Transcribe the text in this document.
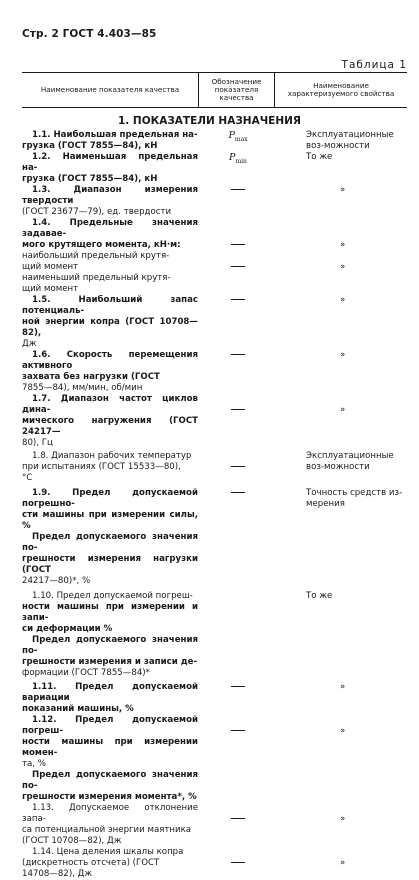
Стр. 2 ГОСТ 4.403—85
Таблица 1
Наименование показателя качества
Обозначение показателя качества
Наименование характеризуемого свойства
1. ПОКАЗАТЕЛИ НАЗНАЧЕНИЯ
1.1. Наибольшая предельная на-
грузка (ГОСТ 7855—84), кН
$P_{max}$	Эксплуатационные воз-можности
1.2. Наименьшая предельная на-
грузка (ГОСТ 7855—84), кН
$P_{min}$	То же
1.3. Диапазон измерения твердости
(ГОСТ 23677—79), ед. твердости
»
1.4. Предельные значения задавае-
мого крутящего момента, кН·м:
наибольший предельный крутя-
щий момент
наименьший предельный крутя-
щий момент
»
»
1.5. Наибольший запас потенциаль-
ной энергии копра (ГОСТ 10708—82),
Дж
»
1.6. Скорость перемещения активного
захвата без нагрузки (ГОСТ
7855—84), мм/мин, об/мин
»
1.7. Диапазон частот циклов дина-
мического нагружения (ГОСТ 24217—
80), Гц
»
1.8. Диапазон рабочих температур
при испытаниях (ГОСТ 15533—80),
°С
Эксплуатационные воз-можности
1.9. Предел допускаемой погрешно-
сти машины при измерении силы, %
Предел допускаемого значения по-
грешности измерения нагрузки (ГОСТ
24217—80)*, %
Точность средств из-мерения
1.10. Предел допускаемой погреш-
ности машины при измерении и запи-
си деформации %
Предел допускаемого значения по-
грешности измерения и записи де-
формации (ГОСТ 7855—84)*
То же
1.11. Предел допускаемой вариации
показаний машины, %
»
1.12. Предел допускаемой погреш-
ности машины при измерении момен-
та, %
Предел допускаемого значения по-
грешности измерения момента*, %
»
1.13. Допускаемое отклонение запа-
са потенциальной энергии маятника
(ГОСТ 10708—82), Дж
»
1.14. Цена деления шкалы копра
(дискретность отсчета) (ГОСТ
14708—82), Дж
»
